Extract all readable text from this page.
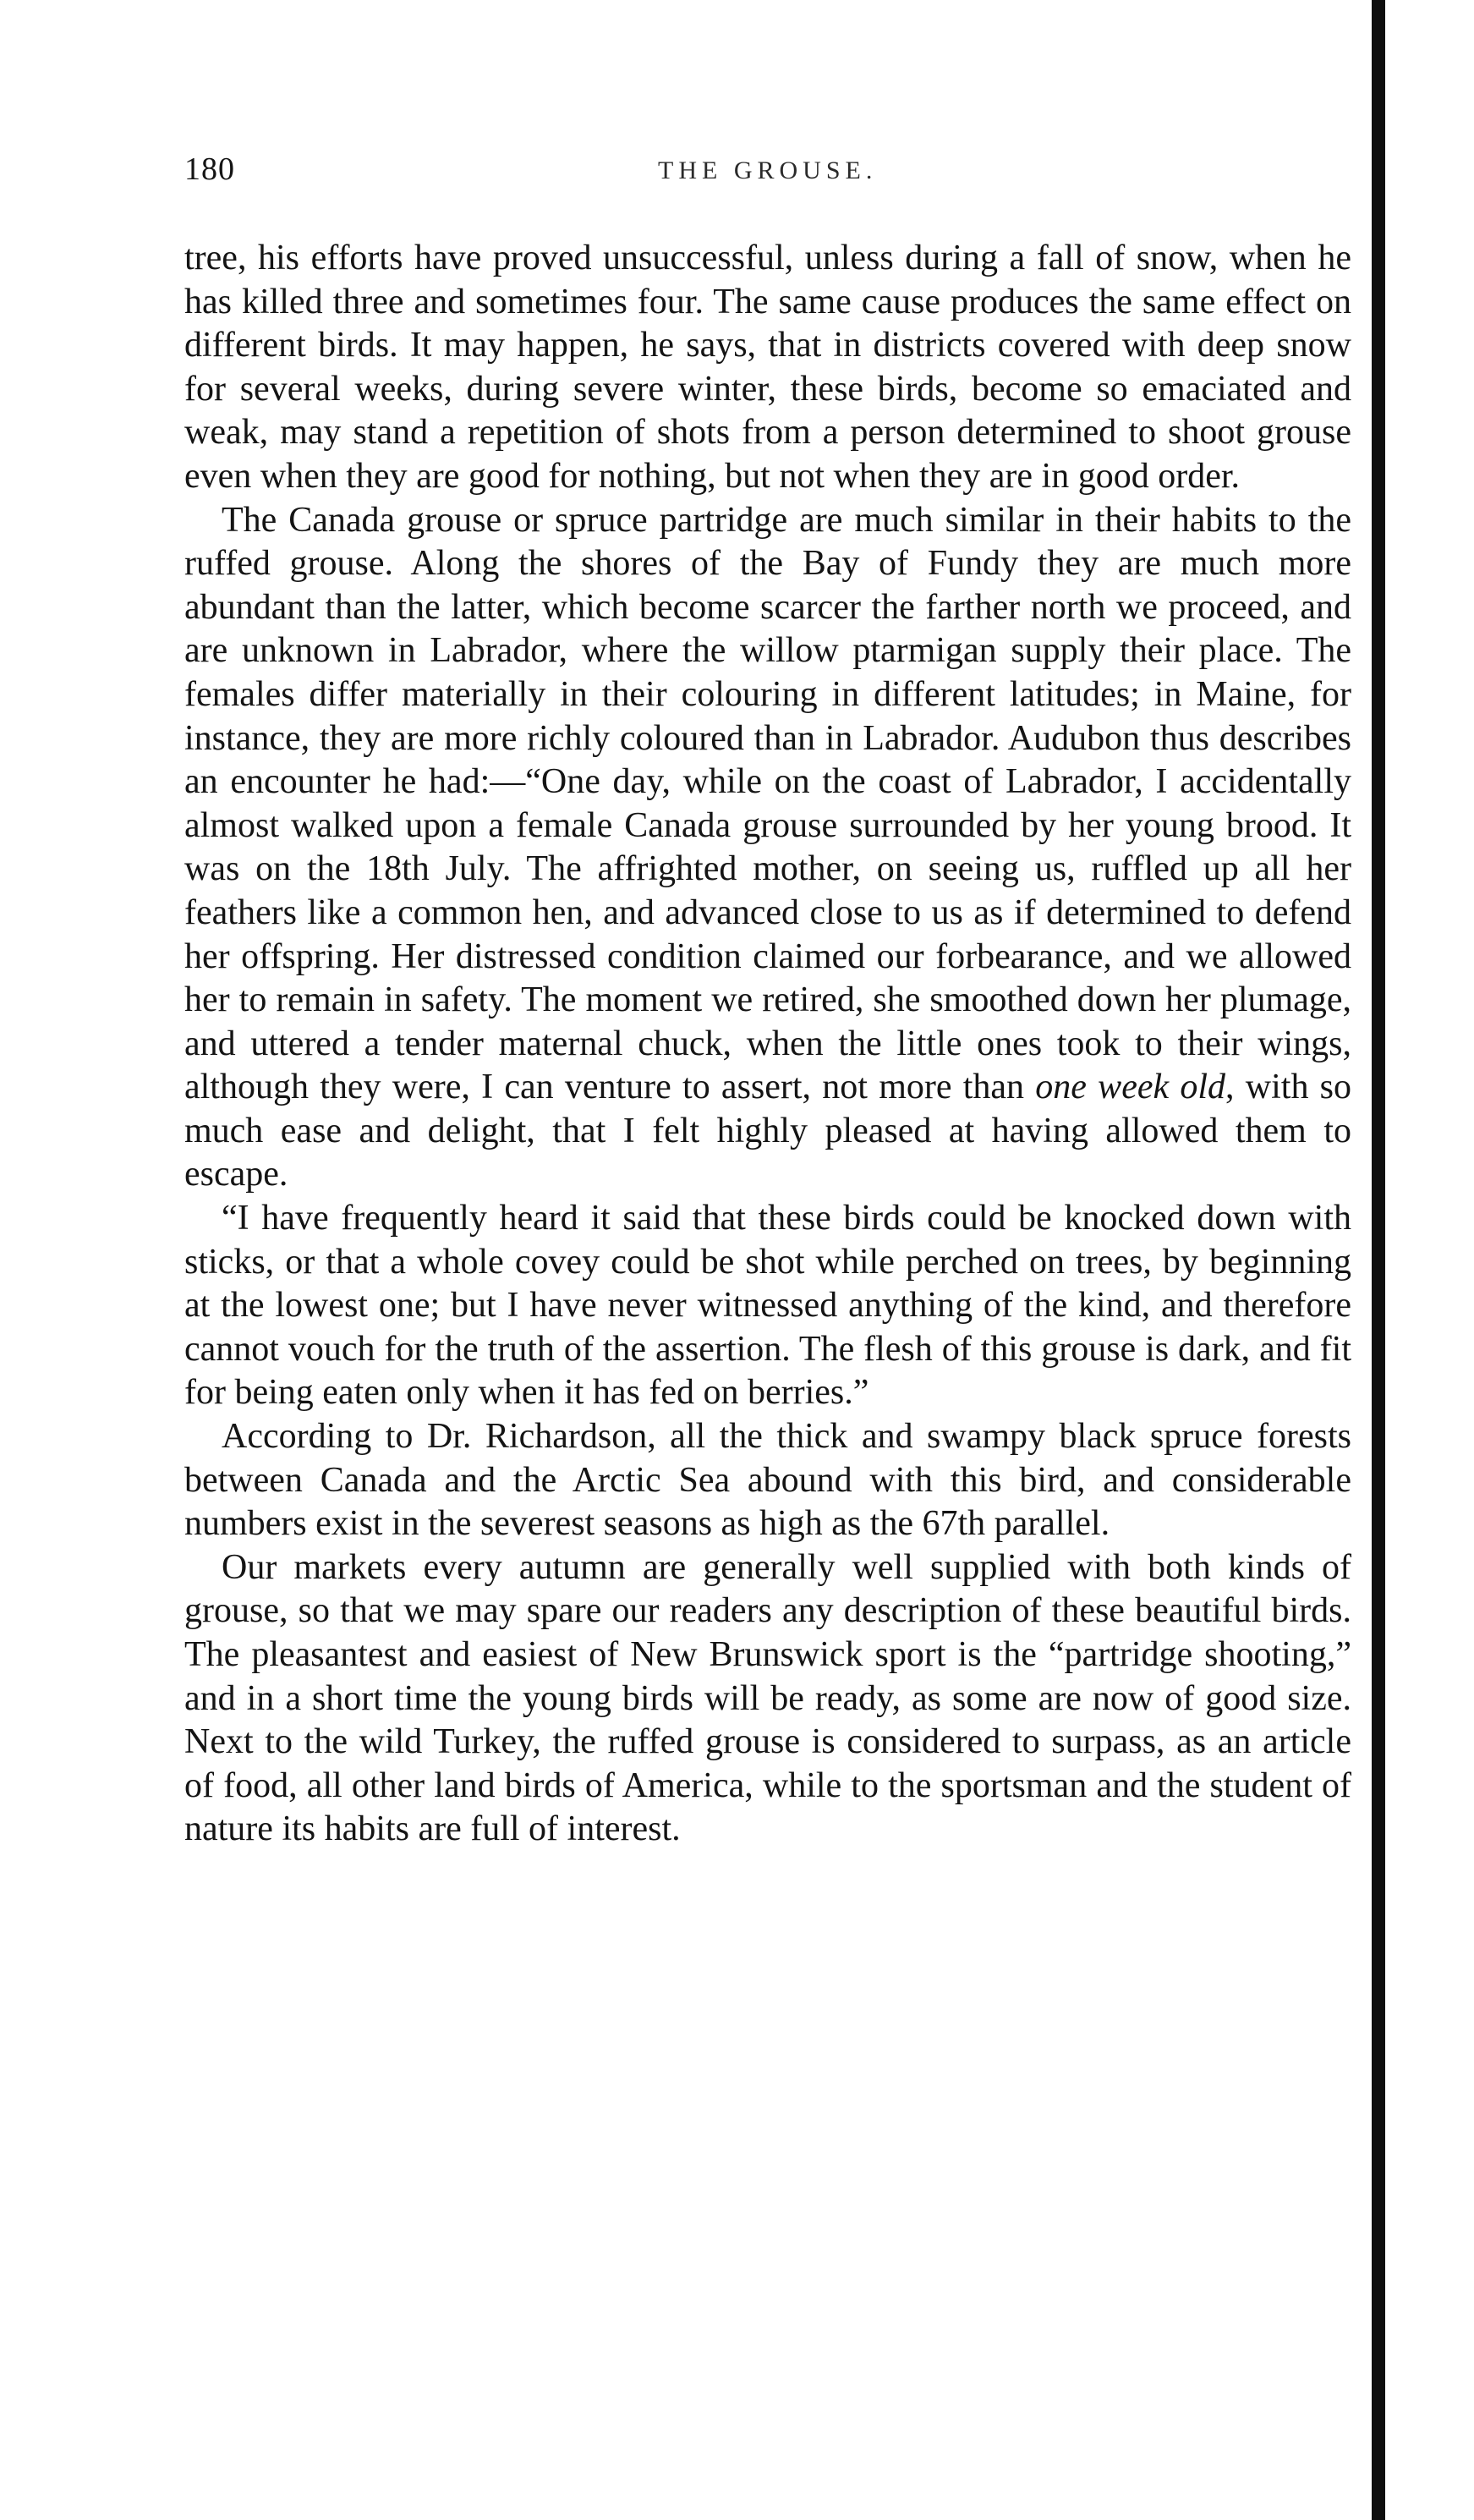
180	THE GROUSE.

tree, his efforts have proved unsuccessful, unless during a fall of snow, when he has killed three and sometimes four. The same cause produces the same effect on different birds. It may happen, he says, that in districts covered with deep snow for several weeks, during severe winter, these birds, become so emaciated and weak, may stand a repetition of shots from a person determined to shoot grouse even when they are good for nothing, but not when they are in good order.

The Canada grouse or spruce partridge are much similar in their habits to the ruffed grouse. Along the shores of the Bay of Fundy they are much more abundant than the latter, which become scarcer the farther north we proceed, and are unknown in Labrador, where the willow ptarmigan supply their place. The females differ materially in their colouring in different latitudes; in Maine, for instance, they are more richly coloured than in Labrador. Audubon thus describes an encounter he had:—“One day, while on the coast of Labrador, I accidentally almost walked upon a female Canada grouse surrounded by her young brood. It was on the 18th July. The affrighted mother, on seeing us, ruffled up all her feathers like a common hen, and advanced close to us as if determined to defend her offspring. Her distressed condition claimed our forbearance, and we allowed her to remain in safety. The moment we retired, she smoothed down her plumage, and uttered a tender maternal chuck, when the little ones took to their wings, although they were, I can venture to assert, not more than one week old, with so much ease and delight, that I felt highly pleased at having allowed them to escape.

“I have frequently heard it said that these birds could be knocked down with sticks, or that a whole covey could be shot while perched on trees, by beginning at the lowest one; but I have never witnessed anything of the kind, and therefore cannot vouch for the truth of the assertion. The flesh of this grouse is dark, and fit for being eaten only when it has fed on berries.”

According to Dr. Richardson, all the thick and swampy black spruce forests between Canada and the Arctic Sea abound with this bird, and considerable numbers exist in the severest seasons as high as the 67th parallel.

Our markets every autumn are generally well supplied with both kinds of grouse, so that we may spare our readers any description of these beautiful birds. The pleasantest and easiest of New Brunswick sport is the “partridge shooting,” and in a short time the young birds will be ready, as some are now of good size. Next to the wild Turkey, the ruffed grouse is considered to surpass, as an article of food, all other land birds of America, while to the sportsman and the student of nature its habits are full of interest.
